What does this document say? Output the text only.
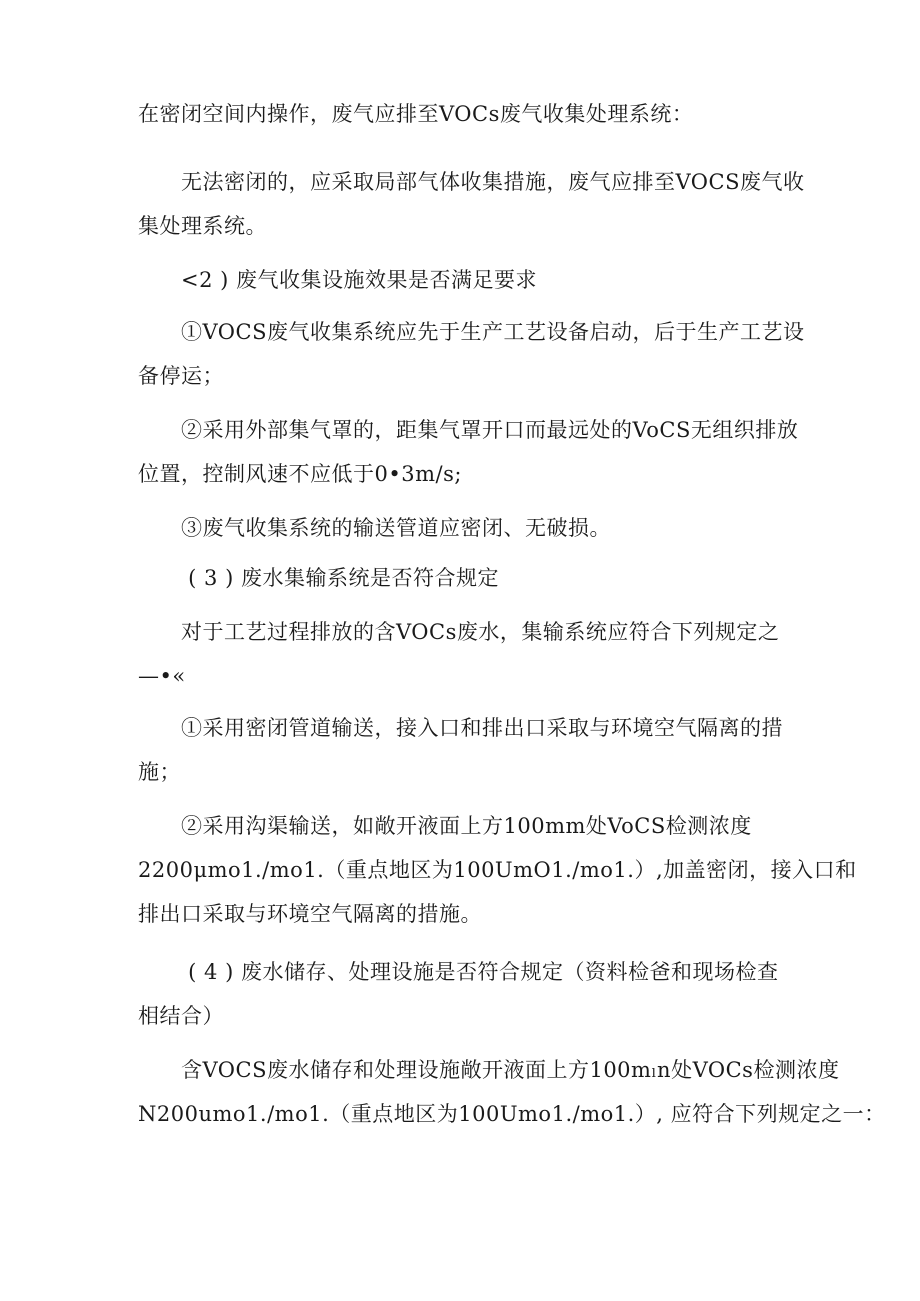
在密闭空间内操作，废气应排至VOCs废气收集处理系统：

　　无法密闭的，应采取局部气体收集措施，废气应排至VOCS废气收
集处理系统。

　　<2 ) 废气收集设施效果是否满足要求

　　①VOCS废气收集系统应先于生产工艺设备启动，后于生产工艺设
备停运；

　　②采用外部集气罩的，距集气罩开口而最远处的VoCS无组织排放
位置，控制风速不应低于0•3m/s;

　　③废气收集系统的输送管道应密闭、无破损。

　　 ( 3 ) 废水集输系统是否符合规定

　　对于工艺过程排放的含VOCs废水，集输系统应符合下列规定之
—•«

　　①采用密闭管道输送，接入口和排出口采取与环境空气隔离的措
施；

　　②采用沟渠输送，如敞开液面上方100mm处VoCS检测浓度
2200μmo1./mo1.（重点地区为100UmO1./mo1.）,加盖密闭，接入口和
排出口采取与环境空气隔离的措施。

　　 ( 4 ) 废水储存、处理设施是否符合规定（资料检爸和现场检查
相结合）

　　含VOCS废水储存和处理设施敞开液面上方100mₗn处VOCs检测浓度
N200umo1./mo1.（重点地区为100Umo1./mo1.）, 应符合下列规定之一：
